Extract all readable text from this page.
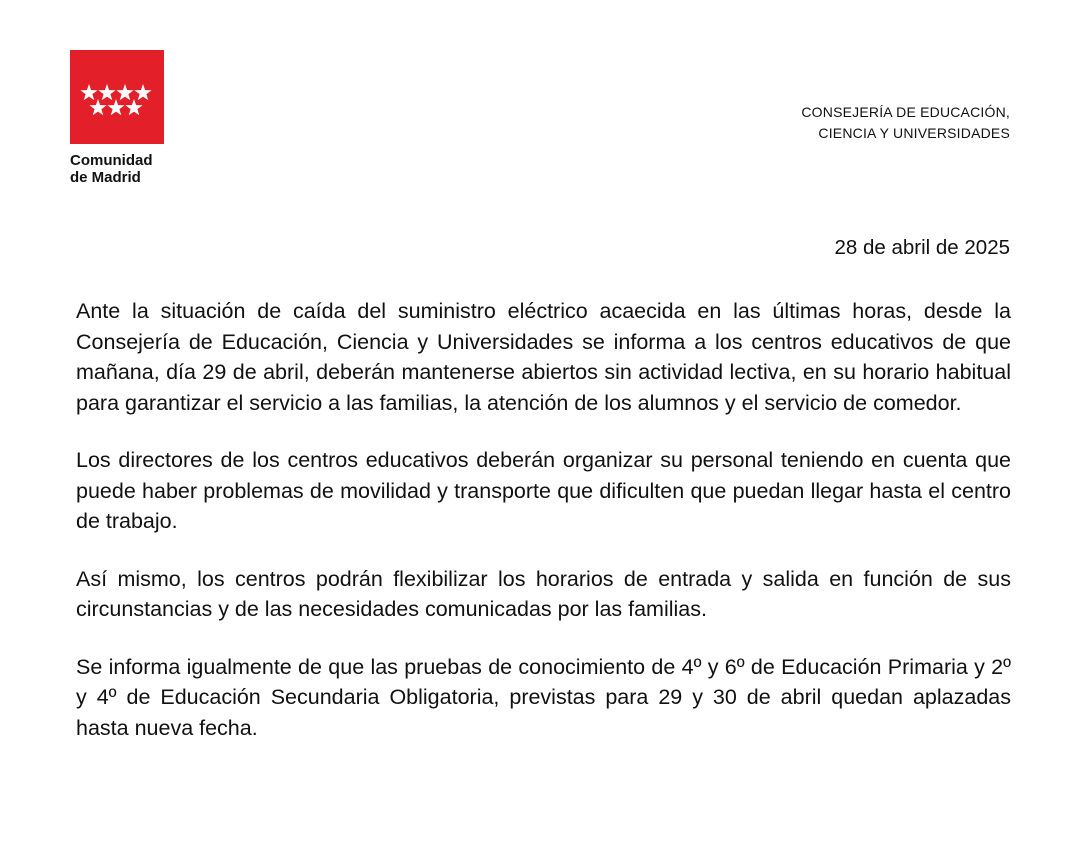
Comunidad
de Madrid
CONSEJERÍA DE EDUCACIÓN,
CIENCIA Y UNIVERSIDADES
28 de abril de 2025

Ante la situación de caída del suministro eléctrico acaecida en las últimas horas, desde la Consejería de Educación, Ciencia y Universidades se informa a los centros educativos de que mañana, día 29 de abril, deberán mantenerse abiertos sin actividad lectiva, en su horario habitual para garantizar el servicio a las familias, la atención de los alumnos y el servicio de comedor.

Los directores de los centros educativos deberán organizar su personal teniendo en cuenta que puede haber problemas de movilidad y transporte que dificulten que puedan llegar hasta el centro de trabajo.

Así mismo, los centros podrán flexibilizar los horarios de entrada y salida en función de sus circunstancias y de las necesidades comunicadas por las familias.

Se informa igualmente de que las pruebas de conocimiento de 4º y 6º de Educación Primaria y 2º y 4º de Educación Secundaria Obligatoria, previstas para 29 y 30 de abril quedan aplazadas hasta nueva fecha.
